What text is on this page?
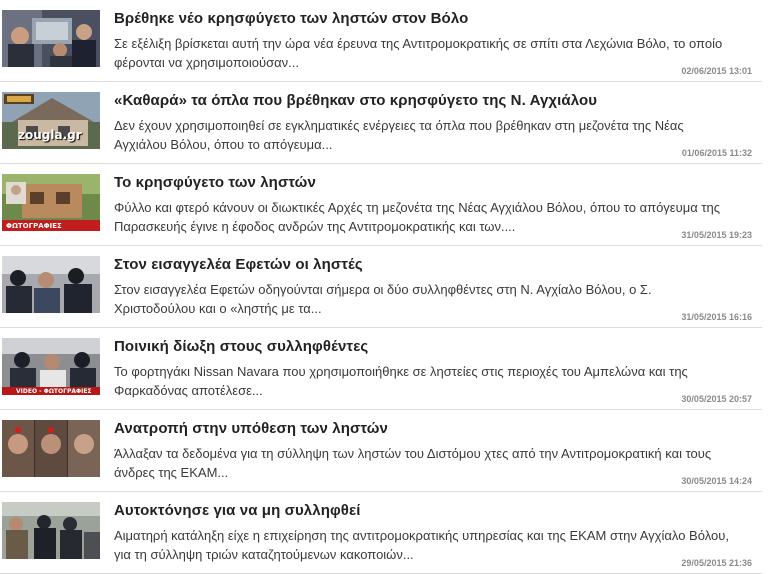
Βρέθηκε νέο κρησφύγετο των ληστών στον Βόλο
Σε εξέλιξη βρίσκεται αυτή την ώρα νέα έρευνα της Αντιτρομοκρατικής σε σπίτι στα Λεχώνια Βόλο, το οποίο φέρονται να χρησιμοποιούσαν...
02/06/2015 13:01
zougla.gr
«Καθαρά» τα όπλα που βρέθηκαν στο κρησφύγετο της Ν. Αγχιάλου
Δεν έχουν χρησιμοποιηθεί σε εγκληματικές ενέργειες τα όπλα που βρέθηκαν στη μεζονέτα της Νέας Αγχιάλου Βόλου, όπου το απόγευμα...
01/06/2015 11:32
ΦΩΤΟΓΡΑΦΙΕΣ
Το κρησφύγετο των ληστών
Φύλλο και φτερό κάνουν οι διωκτικές Αρχές τη μεζονέτα της Νέας Αγχιάλου Βόλου, όπου το απόγευμα της Παρασκευής έγινε η έφοδος ανδρών της Αντιτρομοκρατικής και των....
31/05/2015 19:23
Στον εισαγγελέα Εφετών οι ληστές
Στον εισαγγελέα Εφετών οδηγούνται σήμερα οι δύο συλληφθέντες στη Ν. Αγχίαλο Βόλου, ο Σ. Χριστοδούλου και ο «ληστής με τα...
31/05/2015 16:16
VIDEO - ΦΩΤΟΓΡΑΦΙΕΣ
Ποινική δίωξη στους συλληφθέντες
Το φορτηγάκι Nissan Navara που χρησιμοποιήθηκε σε ληστείες στις περιοχές του Αμπελώνα και της Φαρκαδόνας αποτέλεσε...
30/05/2015 20:57
Ανατροπή στην υπόθεση των ληστών
Άλλαξαν τα δεδομένα για τη σύλληψη των ληστών του Διστόμου χτες από την Αντιτρομοκρατική και τους άνδρες της ΕΚΑΜ...
30/05/2015 14:24
Αυτοκτόνησε για να μη συλληφθεί
Αιματηρή κατάληξη είχε η επιχείρηση της αντιτρομοκρατικής υπηρεσίας και της ΕΚΑΜ στην Αγχίαλο Βόλου, για τη σύλληψη τριών καταζητούμενων κακοποιών...
29/05/2015 21:36
